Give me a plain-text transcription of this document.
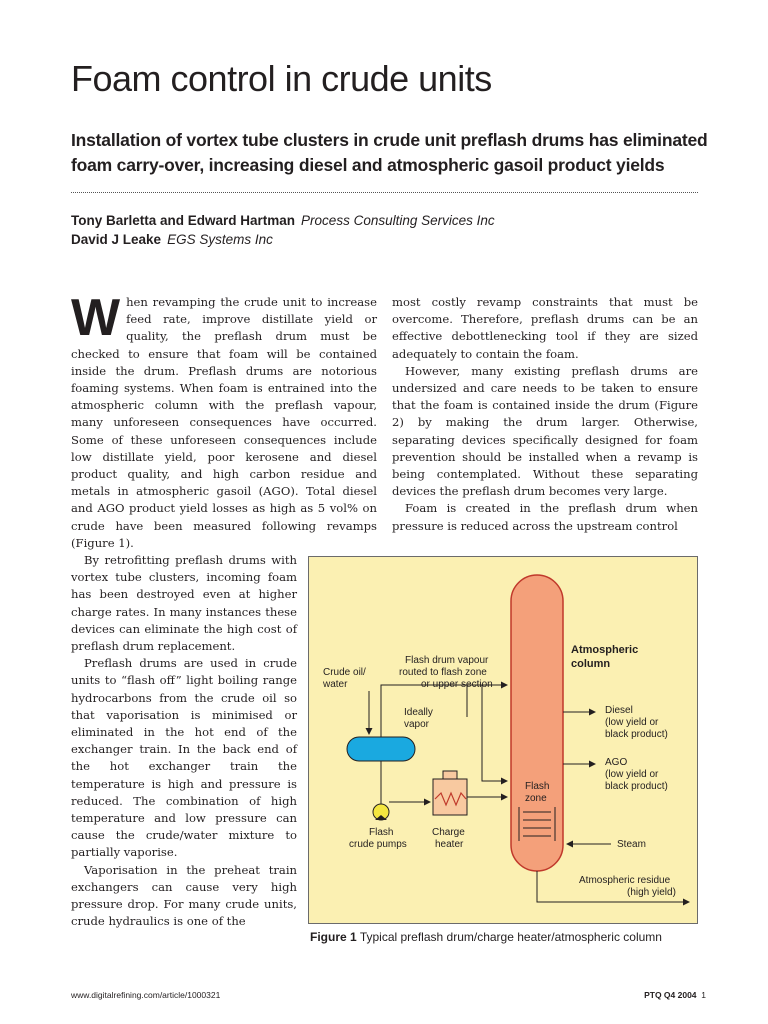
Foam control in crude units
Installation of vortex tube clusters in crude unit preflash drums has eliminated foam carry-over, increasing diesel and atmospheric gasoil product yields
Tony Barletta and Edward Hartman Process Consulting Services Inc
David J Leake EGS Systems Inc

When revamping the crude unit to increase feed rate, improve distillate yield or quality, the preflash drum must be checked to ensure that foam will be contained inside the drum. Preflash drums are notorious foaming systems. When foam is entrained into the atmospheric column with the preflash vapour, many unforeseen consequences have occurred. Some of these unforeseen consequences include low distillate yield, poor kerosene and diesel product quality, and high carbon residue and metals in atmospheric gasoil (AGO). Total diesel and AGO product yield losses as high as 5 vol% on crude have been measured following revamps (Figure 1).

By retrofitting preflash drums with vortex tube clusters, incoming foam has been destroyed even at higher charge rates. In many instances these devices can eliminate the high cost of preflash drum replacement.

Preflash drums are used in crude units to “flash off” light boiling range hydrocarbons from the crude oil so that vaporisation is minimised or eliminated in the hot end of the exchanger train. In the back end of the hot exchanger train the temperature is high and pressure is reduced. The combination of high temperature and low pressure can cause the crude/water mixture to partially vaporise.

Vaporisation in the preheat train exchangers can cause very high pressure drop. For many crude units, crude hydraulics is one of the

most costly revamp constraints that must be overcome. Therefore, preflash drums can be an effective debottlenecking tool if they are sized adequately to contain the foam.

However, many existing preflash drums are undersized and care needs to be taken to ensure that the foam is contained inside the drum (Figure 2) by making the drum larger. Otherwise, separating devices specifically designed for foam prevention should be installed when a revamp is being contemplated. Without these separating devices the preflash drum becomes very large.

Foam is created in the preflash drum when pressure is reduced across the upstream control

Crude oil/
water
Flash drum vapour
routed to flash zone
or upper section
Ideally
vapor
Atmospheric
column
Diesel
(low yield or
black product)
AGO
(low yield or
black product)
Flash
zone
Steam
Flash
crude pumps
Charge
heater
Atmospheric residue
(high yield)
Figure 1 Typical preflash drum/charge heater/atmospheric column
www.digitalrefining.com/article/1000321	PTQ Q4 2004 1
